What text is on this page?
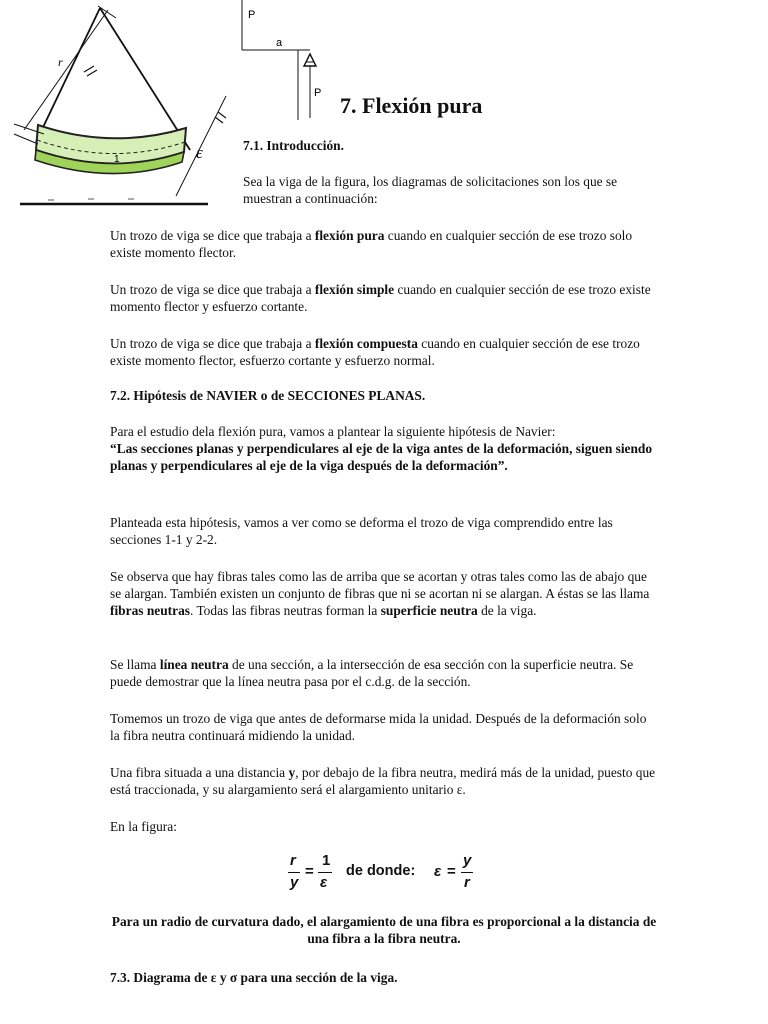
r
1	ε
P
a
P 7. Flexión pura
7.1. Introducción.

Sea la viga de la figura, los diagramas de solicitaciones son los que se muestran a continuación:

Un trozo de viga se dice que trabaja a flexión pura cuando en cualquier sección de ese trozo solo existe momento flector.

Un trozo de viga se dice que trabaja a flexión simple cuando en cualquier sección de ese trozo existe momento flector y esfuerzo cortante.

Un trozo de viga se dice que trabaja a flexión compuesta cuando en cualquier sección de ese trozo existe momento flector, esfuerzo cortante y esfuerzo normal.

7.2. Hipótesis de NAVIER o de SECCIONES PLANAS.

Para el estudio dela flexión pura, vamos a plantear la siguiente hipótesis de Navier:
“Las secciones planas y perpendiculares al eje de la viga antes de la deformación, siguen siendo planas y perpendiculares al eje de la viga después de la deformación”.

Planteada esta hipótesis, vamos a ver como se deforma el trozo de viga comprendido entre las secciones 1-1 y 2-2.

Se observa que hay fibras tales como las de arriba que se acortan y otras tales como las de abajo que se alargan. También existen un conjunto de fibras que ni se acortan ni se alargan. A éstas se las llama fibras neutras. Todas las fibras neutras forman la superficie neutra de la viga.

Se llama línea neutra de una sección, a la intersección de esa sección con la superficie neutra. Se puede demostrar que la línea neutra pasa por el c.d.g. de la sección.

Tomemos un trozo de viga que antes de deformarse mida la unidad. Después de la deformación solo la fibra neutra continuará midiendo la unidad.

Una fibra situada a una distancia y, por debajo de la fibra neutra, medirá más de la unidad, puesto que está traccionada, y su alargamiento será el alargamiento unitario ε.

En la figura:

r
y
=
1
ε
de donde: ε =
y
r

Para un radio de curvatura dado, el alargamiento de una fibra es proporcional a la distancia de una fibra a la fibra neutra.

7.3. Diagrama de ε y σ para una sección de la viga.
